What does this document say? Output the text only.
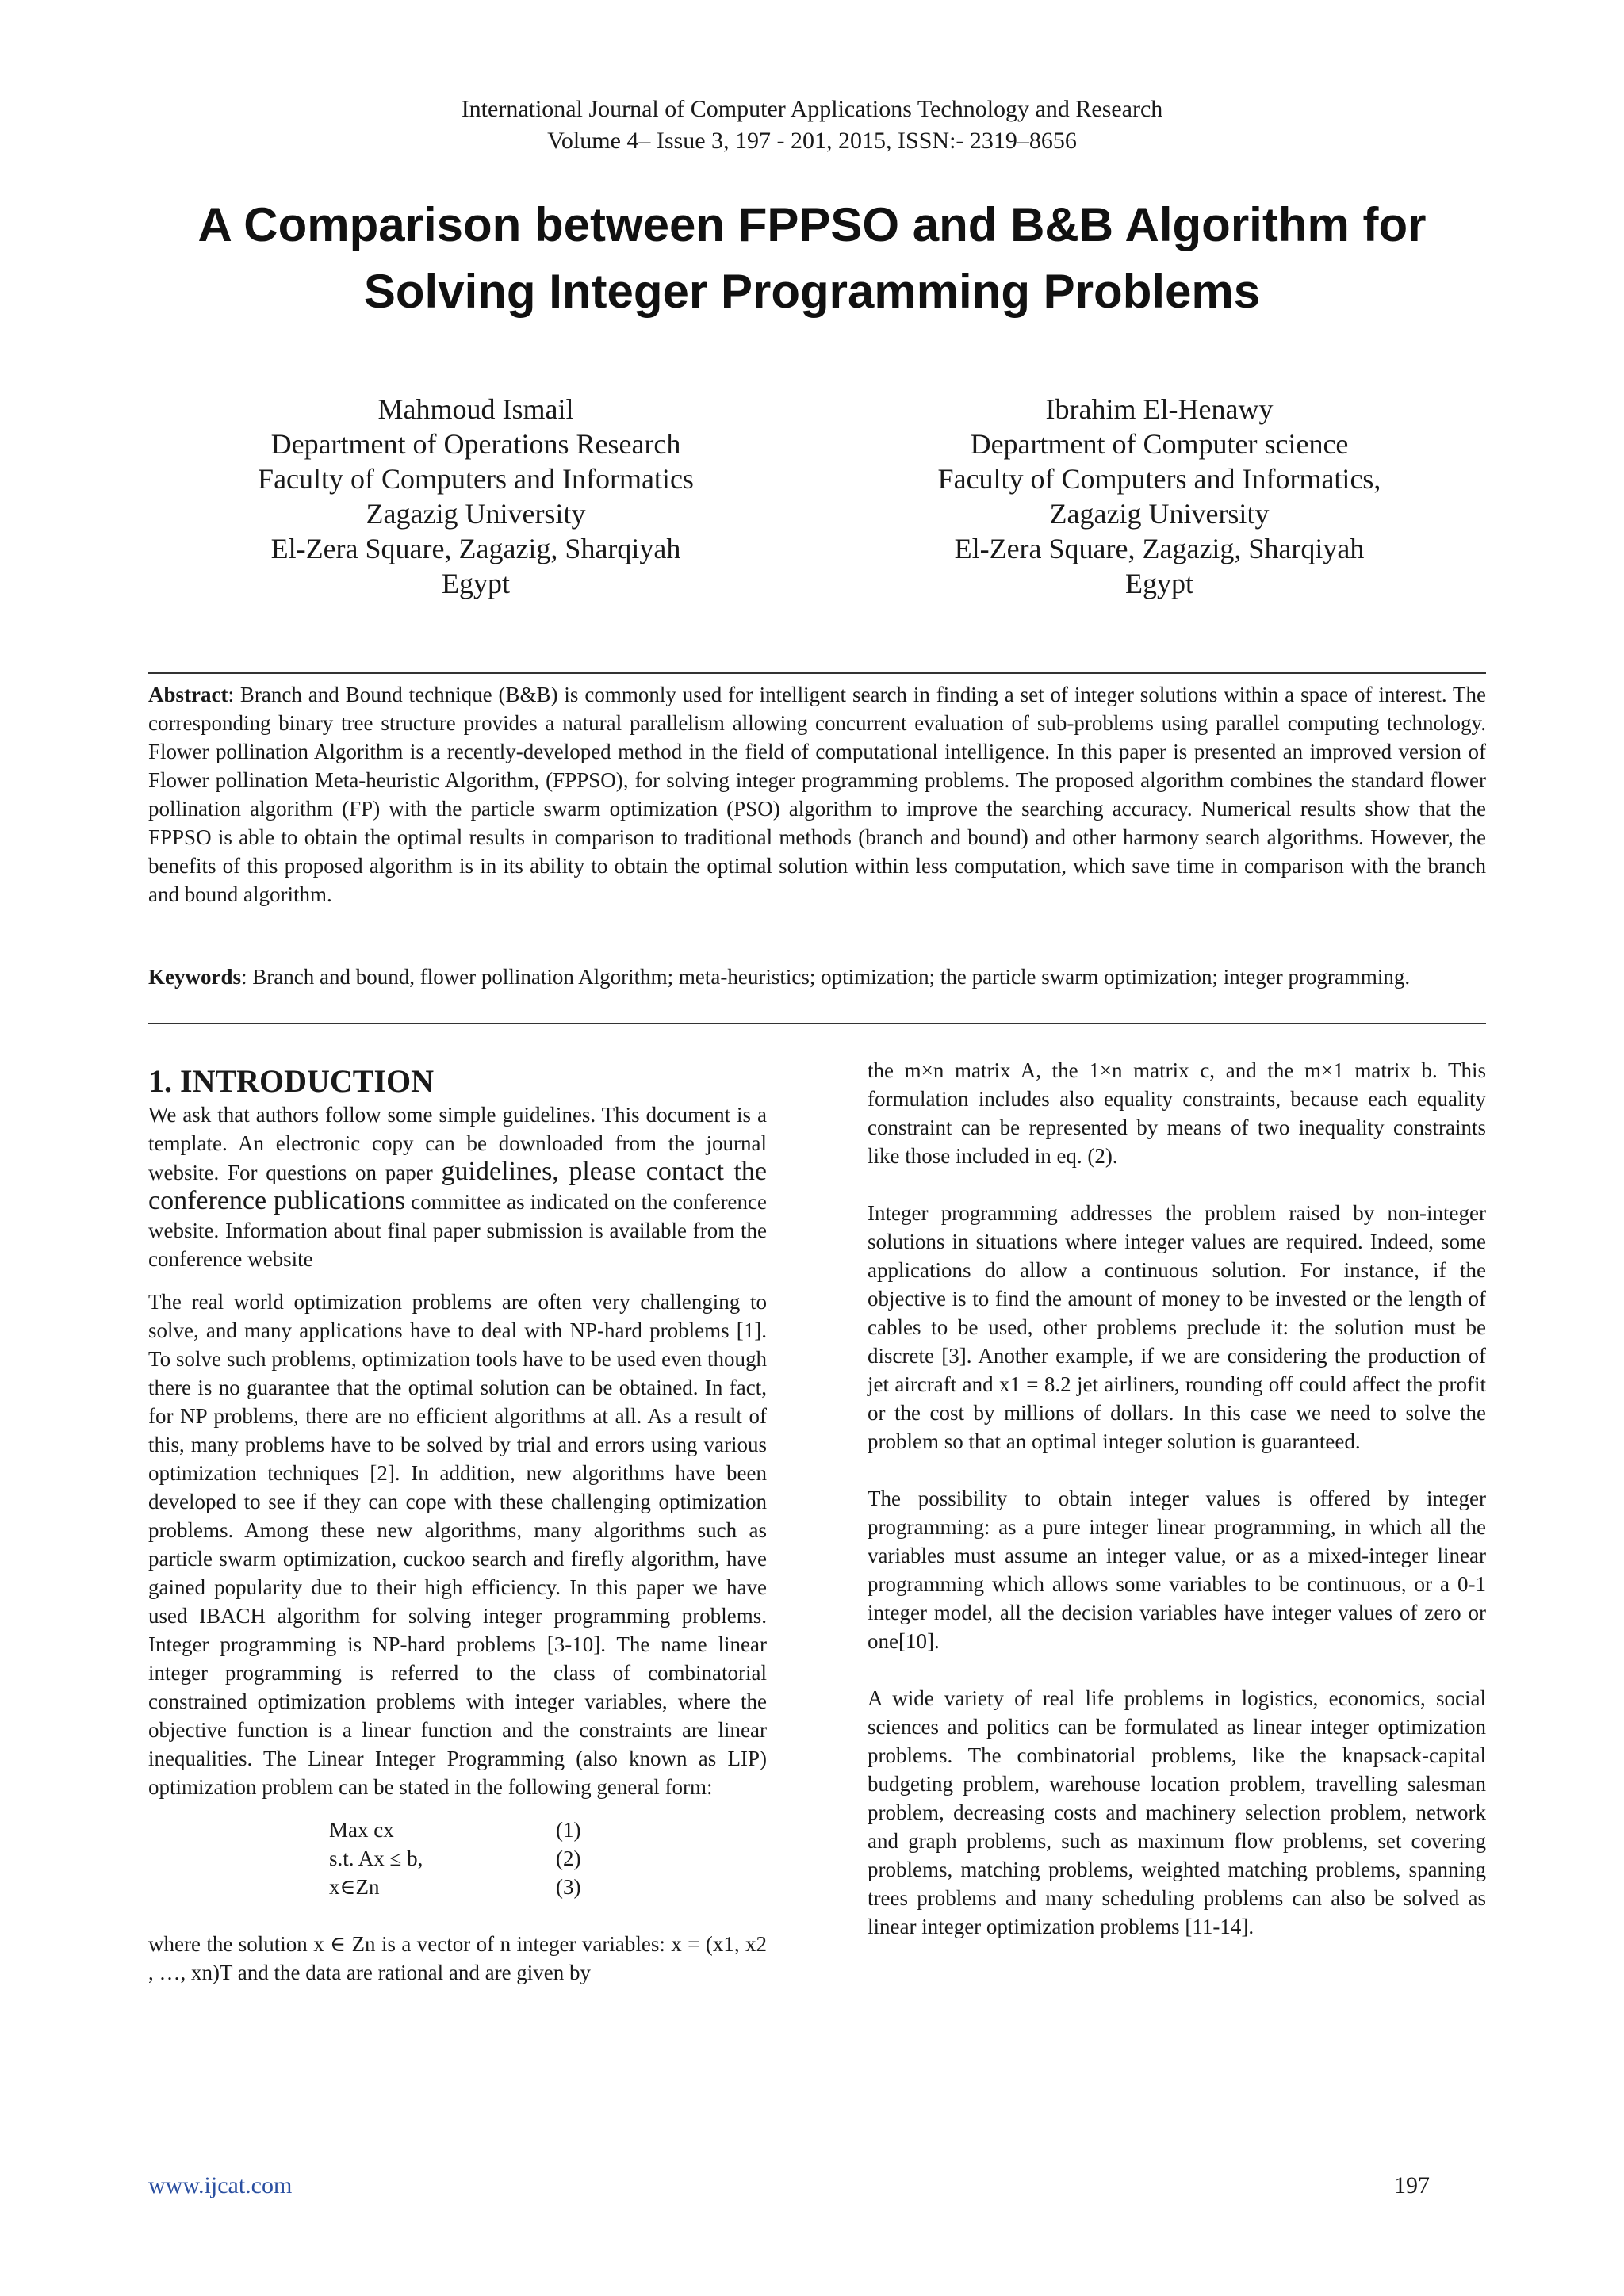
International Journal of Computer Applications Technology and Research
Volume 4– Issue 3, 197 - 201, 2015, ISSN:- 2319–8656
A Comparison between FPPSO and B&B Algorithm for
Solving Integer Programming Problems
Mahmoud Ismail
Department of Operations Research
Faculty of Computers and Informatics
Zagazig University
El-Zera Square, Zagazig, Sharqiyah
Egypt
Ibrahim El-Henawy
Department of Computer science
Faculty of Computers and Informatics,
Zagazig University
El-Zera Square, Zagazig, Sharqiyah
Egypt
Abstract: Branch and Bound technique (B&B) is commonly used for intelligent search in finding a set of integer solutions within a space of interest. The corresponding binary tree structure provides a natural parallelism allowing concurrent evaluation of sub-problems using parallel computing technology. Flower pollination Algorithm is a recently-developed method in the field of computational intelligence. In this paper is presented an improved version of Flower pollination Meta-heuristic Algorithm, (FPPSO), for solving integer programming problems. The proposed algorithm combines the standard flower pollination algorithm (FP) with the particle swarm optimization (PSO) algorithm to improve the searching accuracy. Numerical results show that the FPPSO is able to obtain the optimal results in comparison to traditional methods (branch and bound) and other harmony search algorithms. However, the benefits of this proposed algorithm is in its ability to obtain the optimal solution within less computation, which save time in comparison with the branch and bound algorithm.
Keywords: Branch and bound, flower pollination Algorithm; meta-heuristics; optimization; the particle swarm optimization; integer programming.
1. INTRODUCTION

We ask that authors follow some simple guidelines. This document is a template. An electronic copy can be downloaded from the journal website. For questions on paper guidelines, please contact the conference publications committee as indicated on the conference website. Information about final paper submission is available from the conference website

The real world optimization problems are often very challenging to solve, and many applications have to deal with NP-hard problems [1]. To solve such problems, optimization tools have to be used even though there is no guarantee that the optimal solution can be obtained. In fact, for NP problems, there are no efficient algorithms at all. As a result of this, many problems have to be solved by trial and errors using various optimization techniques [2]. In addition, new algorithms have been developed to see if they can cope with these challenging optimization problems. Among these new algorithms, many algorithms such as particle swarm optimization, cuckoo search and firefly algorithm, have gained popularity due to their high efficiency. In this paper we have used IBACH algorithm for solving integer programming problems. Integer programming is NP-hard problems [3-10]. The name linear integer programming is referred to the class of combinatorial constrained optimization problems with integer variables, where the objective function is a linear function and the constraints are linear inequalities. The Linear Integer Programming (also known as LIP) optimization problem can be stated in the following general form:

Max cx	(1)
s.t. Ax ≤ b,	(2)
x∈Zn	(3)

where the solution x ∈ Zn is a vector of n integer variables: x = (x1, x2 , …, xn)T and the data are rational and are given by

the m×n matrix A, the 1×n matrix c, and the m×1 matrix b. This formulation includes also equality constraints, because each equality constraint can be represented by means of two inequality constraints like those included in eq. (2).

Integer programming addresses the problem raised by non-integer solutions in situations where integer values are required. Indeed, some applications do allow a continuous solution. For instance, if the objective is to find the amount of money to be invested or the length of cables to be used, other problems preclude it: the solution must be discrete [3]. Another example, if we are considering the production of jet aircraft and x1 = 8.2 jet airliners, rounding off could affect the profit or the cost by millions of dollars. In this case we need to solve the problem so that an optimal integer solution is guaranteed.

The possibility to obtain integer values is offered by integer programming: as a pure integer linear programming, in which all the variables must assume an integer value, or as a mixed-integer linear programming which allows some variables to be continuous, or a 0-1 integer model, all the decision variables have integer values of zero or one[10].

A wide variety of real life problems in logistics, economics, social sciences and politics can be formulated as linear integer optimization problems. The combinatorial problems, like the knapsack-capital budgeting problem, warehouse location problem, travelling salesman problem, decreasing costs and machinery selection problem, network and graph problems, such as maximum flow problems, set covering problems, matching problems, weighted matching problems, spanning trees problems and many scheduling problems can also be solved as linear integer optimization problems [11-14].

www.ijcat.com	197
